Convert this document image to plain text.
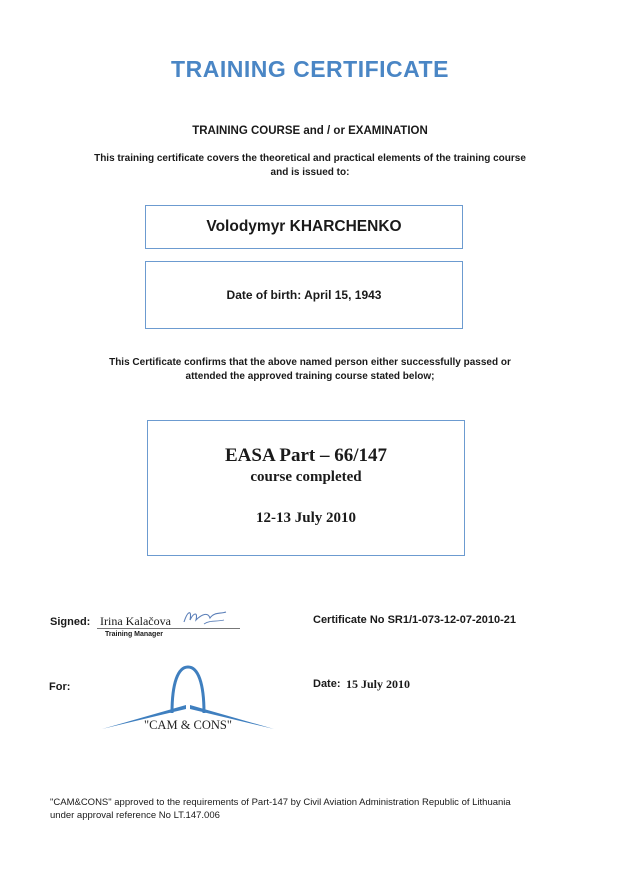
TRAINING CERTIFICATE
TRAINING COURSE and / or EXAMINATION
This training certificate covers the theoretical and practical elements of the training course
and is issued to:
Volodymyr KHARCHENKO
Date of birth: April 15, 1943
This Certificate confirms that the above named person either successfully passed or
attended the approved training course stated below;
EASA Part – 66/147
course completed
12-13 July 2010
Signed: Irina Kalačova
Training Manager
Certificate No SR1/1-073-12-07-2010-21
Date: 15 July 2010
For:
"CAM & CONS"
"CAM&CONS" approved to the requirements of Part-147 by Civil Aviation Administration Republic of Lithuania
under approval reference No LT.147.006
